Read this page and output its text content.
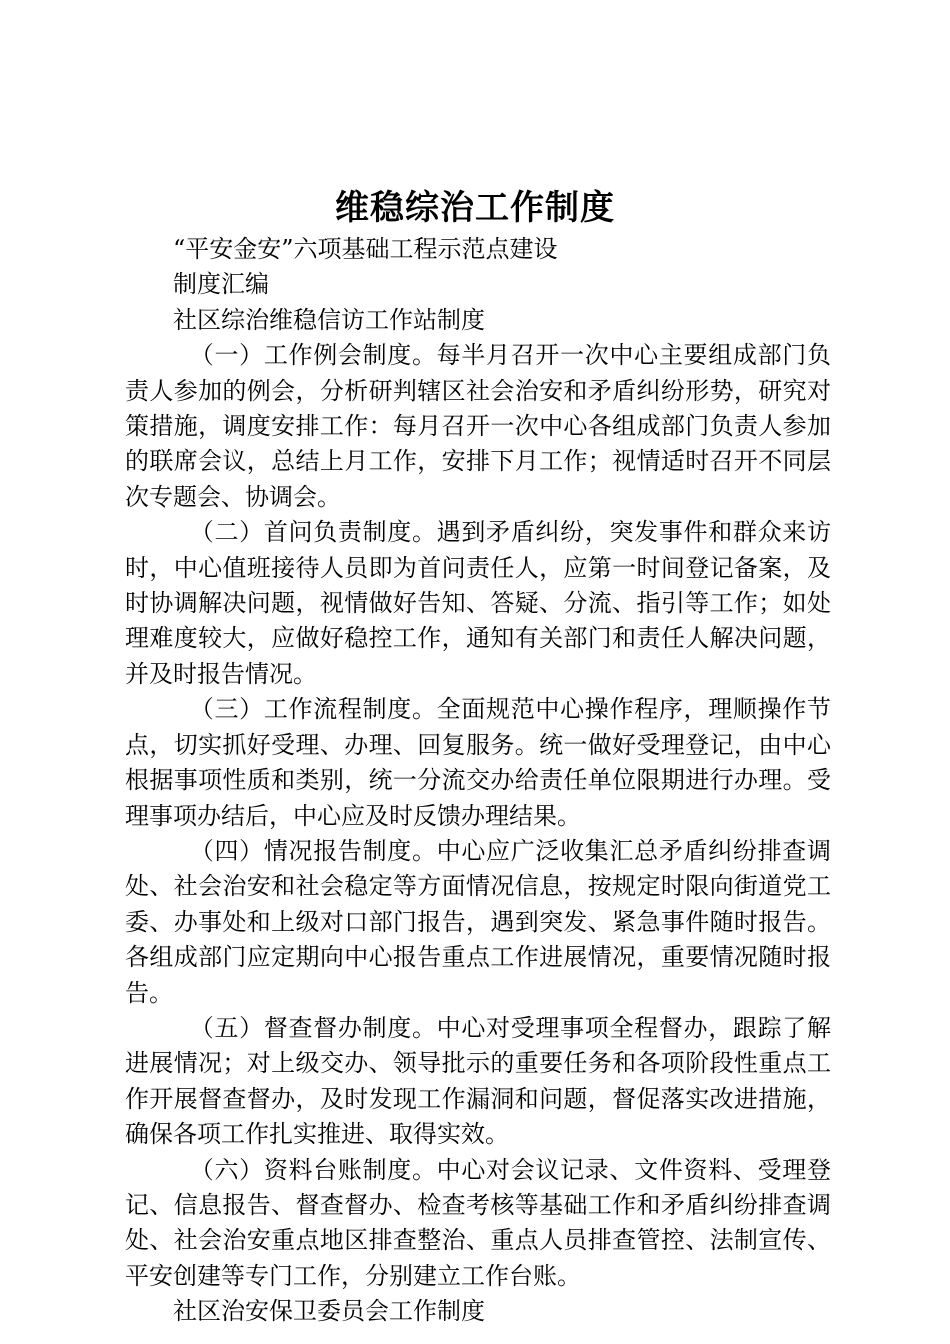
维稳综治工作制度

“平安金安”六项基础工程示范点建设

制度汇编

社区综治维稳信访工作站制度

（一）工作例会制度。每半月召开一次中心主要组成部门负责人参加的例会，分析研判辖区社会治安和矛盾纠纷形势，研究对策措施，调度安排工作：每月召开一次中心各组成部门负责人参加的联席会议，总结上月工作，安排下月工作；视情适时召开不同层次专题会、协调会。

（二）首问负责制度。遇到矛盾纠纷，突发事件和群众来访时，中心值班接待人员即为首问责任人，应第一时间登记备案，及时协调解决问题，视情做好告知、答疑、分流、指引等工作；如处理难度较大，应做好稳控工作，通知有关部门和责任人解决问题，并及时报告情况。

（三）工作流程制度。全面规范中心操作程序，理顺操作节点，切实抓好受理、办理、回复服务。统一做好受理登记，由中心根据事项性质和类别，统一分流交办给责任单位限期进行办理。受理事项办结后，中心应及时反馈办理结果。

（四）情况报告制度。中心应广泛收集汇总矛盾纠纷排查调处、社会治安和社会稳定等方面情况信息，按规定时限向街道党工委、办事处和上级对口部门报告，遇到突发、紧急事件随时报告。各组成部门应定期向中心报告重点工作进展情况，重要情况随时报告。

（五）督查督办制度。中心对受理事项全程督办，跟踪了解进展情况；对上级交办、领导批示的重要任务和各项阶段性重点工作开展督查督办，及时发现工作漏洞和问题，督促落实改进措施，确保各项工作扎实推进、取得实效。

（六）资料台账制度。中心对会议记录、文件资料、受理登记、信息报告、督查督办、检查考核等基础工作和矛盾纠纷排查调处、社会治安重点地区排查整治、重点人员排查管控、法制宣传、平安创建等专门工作，分别建立工作台账。

社区治安保卫委员会工作制度
